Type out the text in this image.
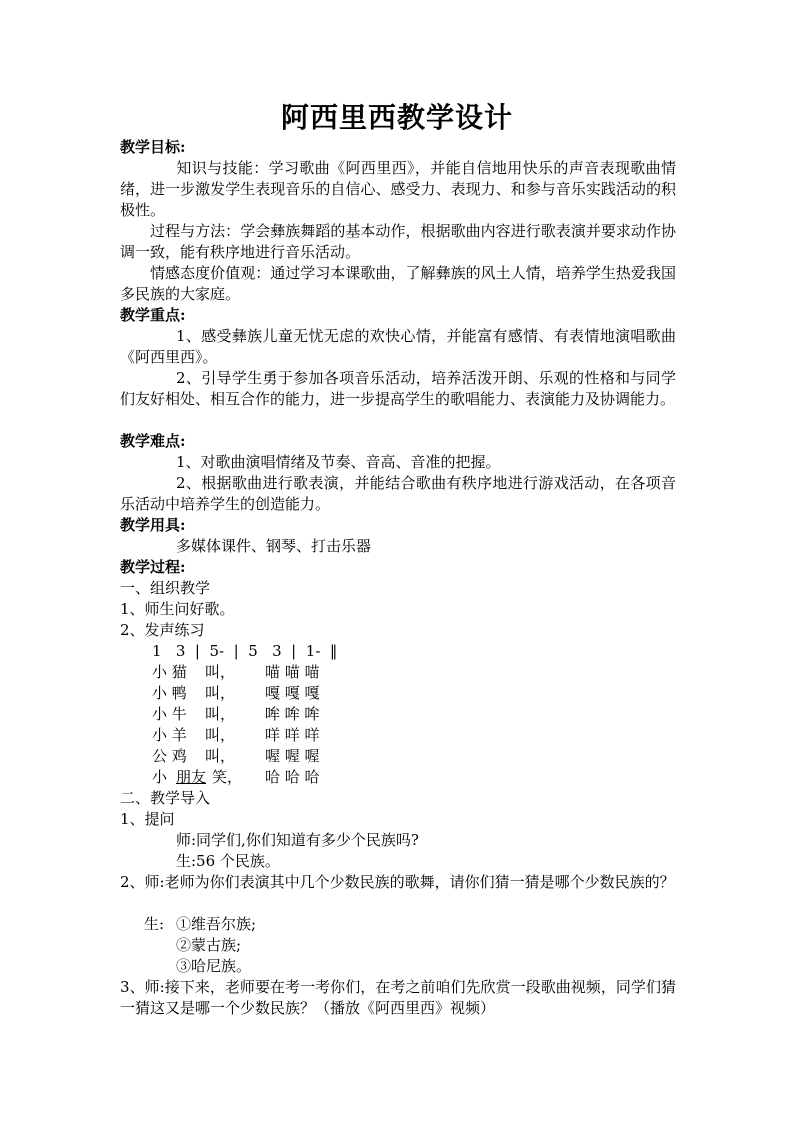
阿西里西教学设计
教学目标:
知识与技能：学习歌曲《阿西里西》，并能自信地用快乐的声音表现歌曲情绪，进一步激发学生表现音乐的自信心、感受力、表现力、和参与音乐实践活动的积极性。
过程与方法：学会彝族舞蹈的基本动作，根据歌曲内容进行歌表演并要求动作协调一致，能有秩序地进行音乐活动。
情感态度价值观：通过学习本课歌曲，了解彝族的风土人情，培养学生热爱我国多民族的大家庭。
教学重点:
1、感受彝族儿童无忧无虑的欢快心情，并能富有感情、有表情地演唱歌曲《阿西里西》。
2、引导学生勇于参加各项音乐活动，培养活泼开朗、乐观的性格和与同学们友好相处、相互合作的能力，进一步提高学生的歌唱能力、表演能力及协调能力。
教学难点:
1、对歌曲演唱情绪及节奏、音高、音准的把握。
2、根据歌曲进行歌表演，并能结合歌曲有秩序地进行游戏活动，在各项音乐活动中培养学生的创造能力。
教学用具:
多媒体课件、钢琴、打击乐器
教学过程:
一、组织教学
1、师生问好歌。
2、发声练习
1   3  |  5-  |  5   3  |  1-  ‖
小 猫 叫， 喵 喵 喵
小 鸭 叫， 嘎 嘎 嘎
小 牛 叫， 哞 哞 哞
小 羊 叫， 咩 咩 咩
公 鸡 叫， 喔 喔 喔
小 朋友 笑， 哈 哈 哈
二、教学导入
1、提问
师:同学们,你们知道有多少个民族吗?
生:56 个民族。
2、师:老师为你们表演其中几个少数民族的歌舞，请你们猜一猜是哪个少数民族的？
生: ①维吾尔族;
②蒙古族;
③哈尼族。
3、师:接下来，老师要在考一考你们，在考之前咱们先欣赏一段歌曲视频，同学们猜一猜这又是哪一个少数民族？（播放《阿西里西》视频）
